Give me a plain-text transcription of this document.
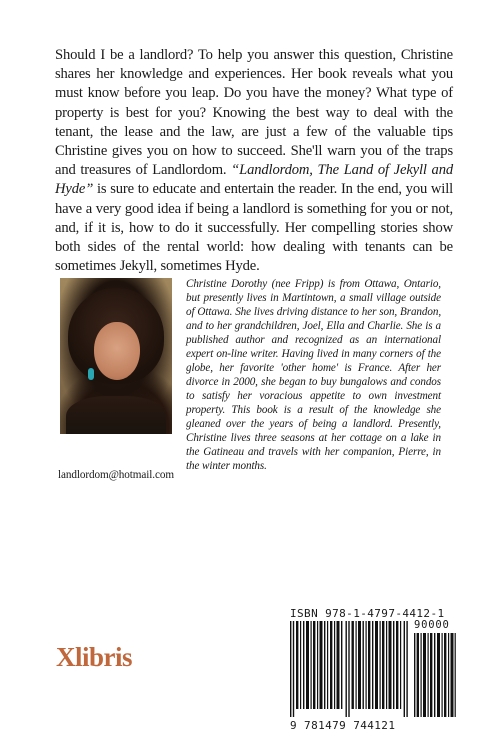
Should I be a landlord? To help you answer this question, Christine shares her knowledge and experiences. Her book reveals what you must know before you leap. Do you have the money? What type of property is best for you? Knowing the best way to deal with the tenant, the lease and the law, are just a few of the valuable tips Christine gives you on how to succeed. She'll warn you of the traps and treasures of Landlordom. “Landlordom, The Land of Jekyll and Hyde” is sure to educate and entertain the reader. In the end, you will have a very good idea if being a landlord is something for you or not, and, if it is, how to do it successfully. Her compelling stories show both sides of the rental world: how dealing with tenants can be sometimes Jekyll, sometimes Hyde.

landlordom@hotmail.com

Christine Dorothy (nee Fripp) is from Ottawa, Ontario, but presently lives in Martintown, a small village outside of Ottawa. She lives driving distance to her son, Brandon, and to her grandchildren, Joel, Ella and Charlie. She is a published author and recognized as an international expert on-line writer. Having lived in many corners of the globe, her favorite 'other home' is France. After her divorce in 2000, she began to buy bungalows and condos to satisfy her voracious appetite to own investment property. This book is a result of the knowledge she gleaned over the years of being a landlord. Presently, Christine lives three seasons at her cottage on a lake in the Gatineau and travels with her companion, Pierre, in the winter months.

Xlibris
ISBN 978-1-4797-4412-1
90000
9 781479 744121
